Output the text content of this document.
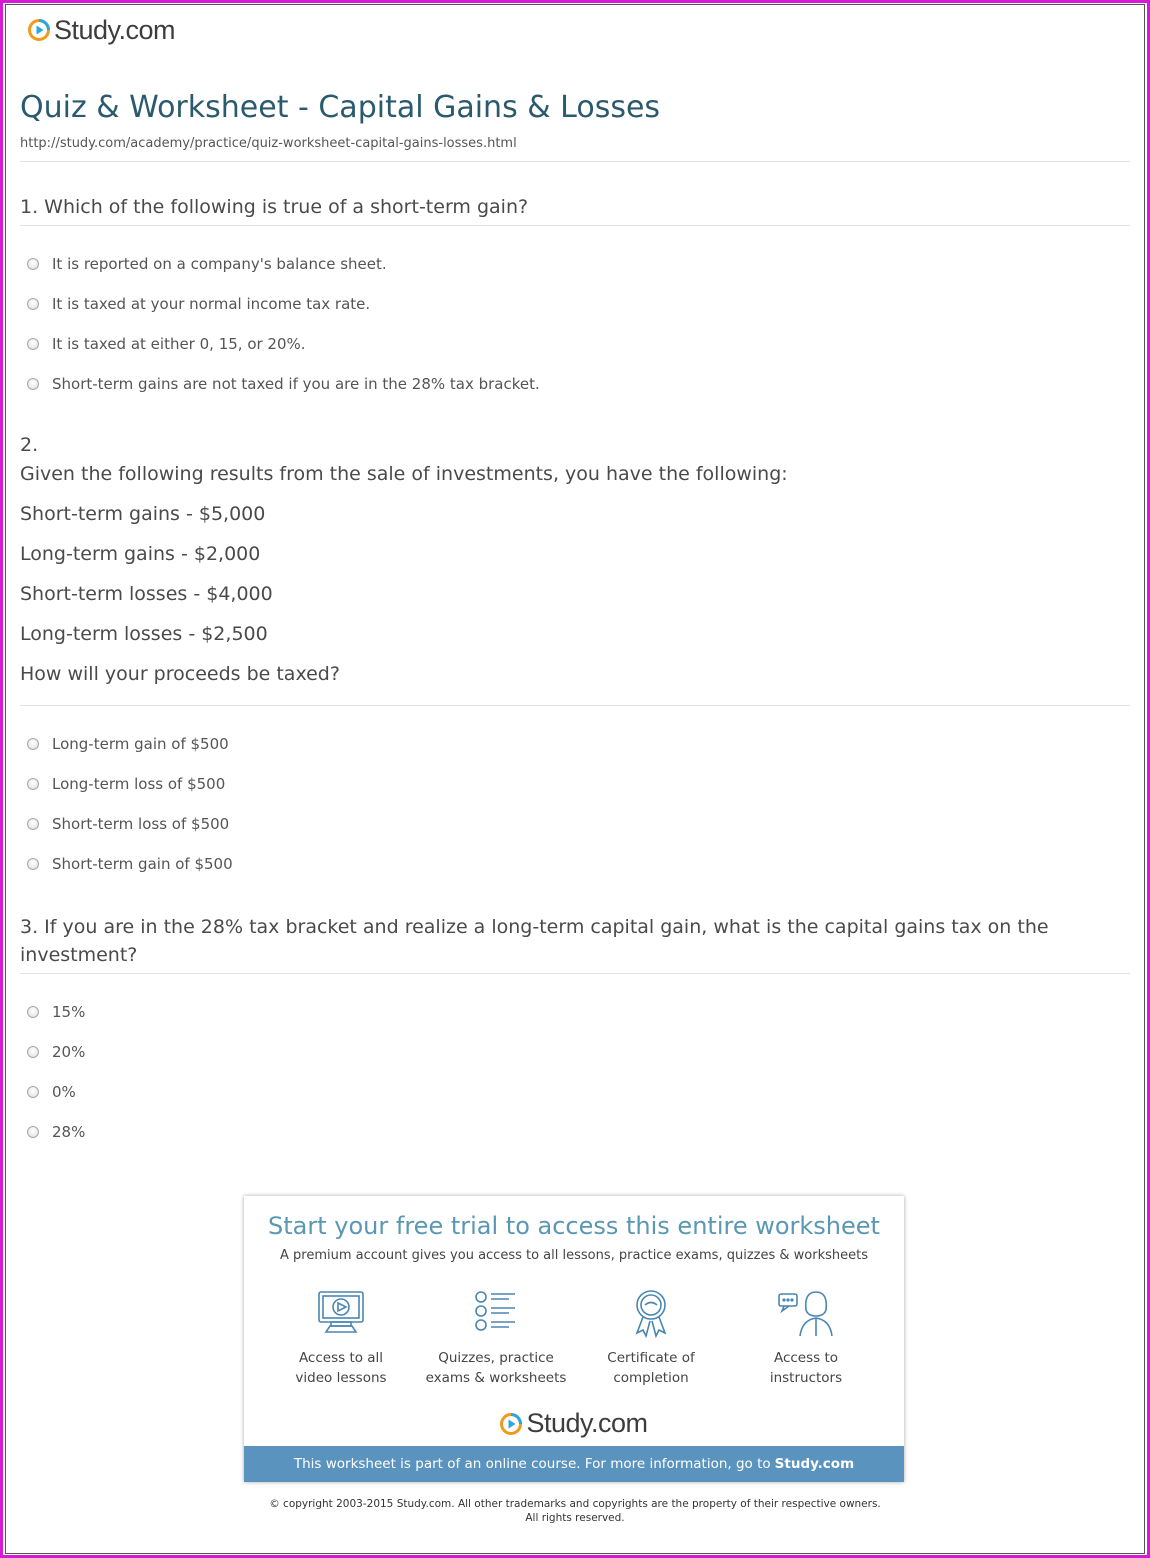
Study.com
Quiz & Worksheet - Capital Gains & Losses
http://study.com/academy/practice/quiz-worksheet-capital-gains-losses.html
1. Which of the following is true of a short-term gain?
It is reported on a company's balance sheet.
It is taxed at your normal income tax rate.
It is taxed at either 0, 15, or 20%.
Short-term gains are not taxed if you are in the 28% tax bracket.
2.
Given the following results from the sale of investments, you have the following:
Short-term gains - $5,000
Long-term gains - $2,000
Short-term losses - $4,000
Long-term losses - $2,500
How will your proceeds be taxed?
Long-term gain of $500
Long-term loss of $500
Short-term loss of $500
Short-term gain of $500
3. If you are in the 28% tax bracket and realize a long-term capital gain, what is the capital gains tax on the
investment?
15%
20%
0%
28%
Start your free trial to access this entire worksheet
A premium account gives you access to all lessons, practice exams, quizzes & worksheets
Access to all
video lessons
Quizzes, practice
exams & worksheets
Certificate of
completion
Access to
instructors
Study.com
This worksheet is part of an online course. For more information, go to Study.com
© copyright 2003-2015 Study.com. All other trademarks and copyrights are the property of their respective owners.
All rights reserved.
